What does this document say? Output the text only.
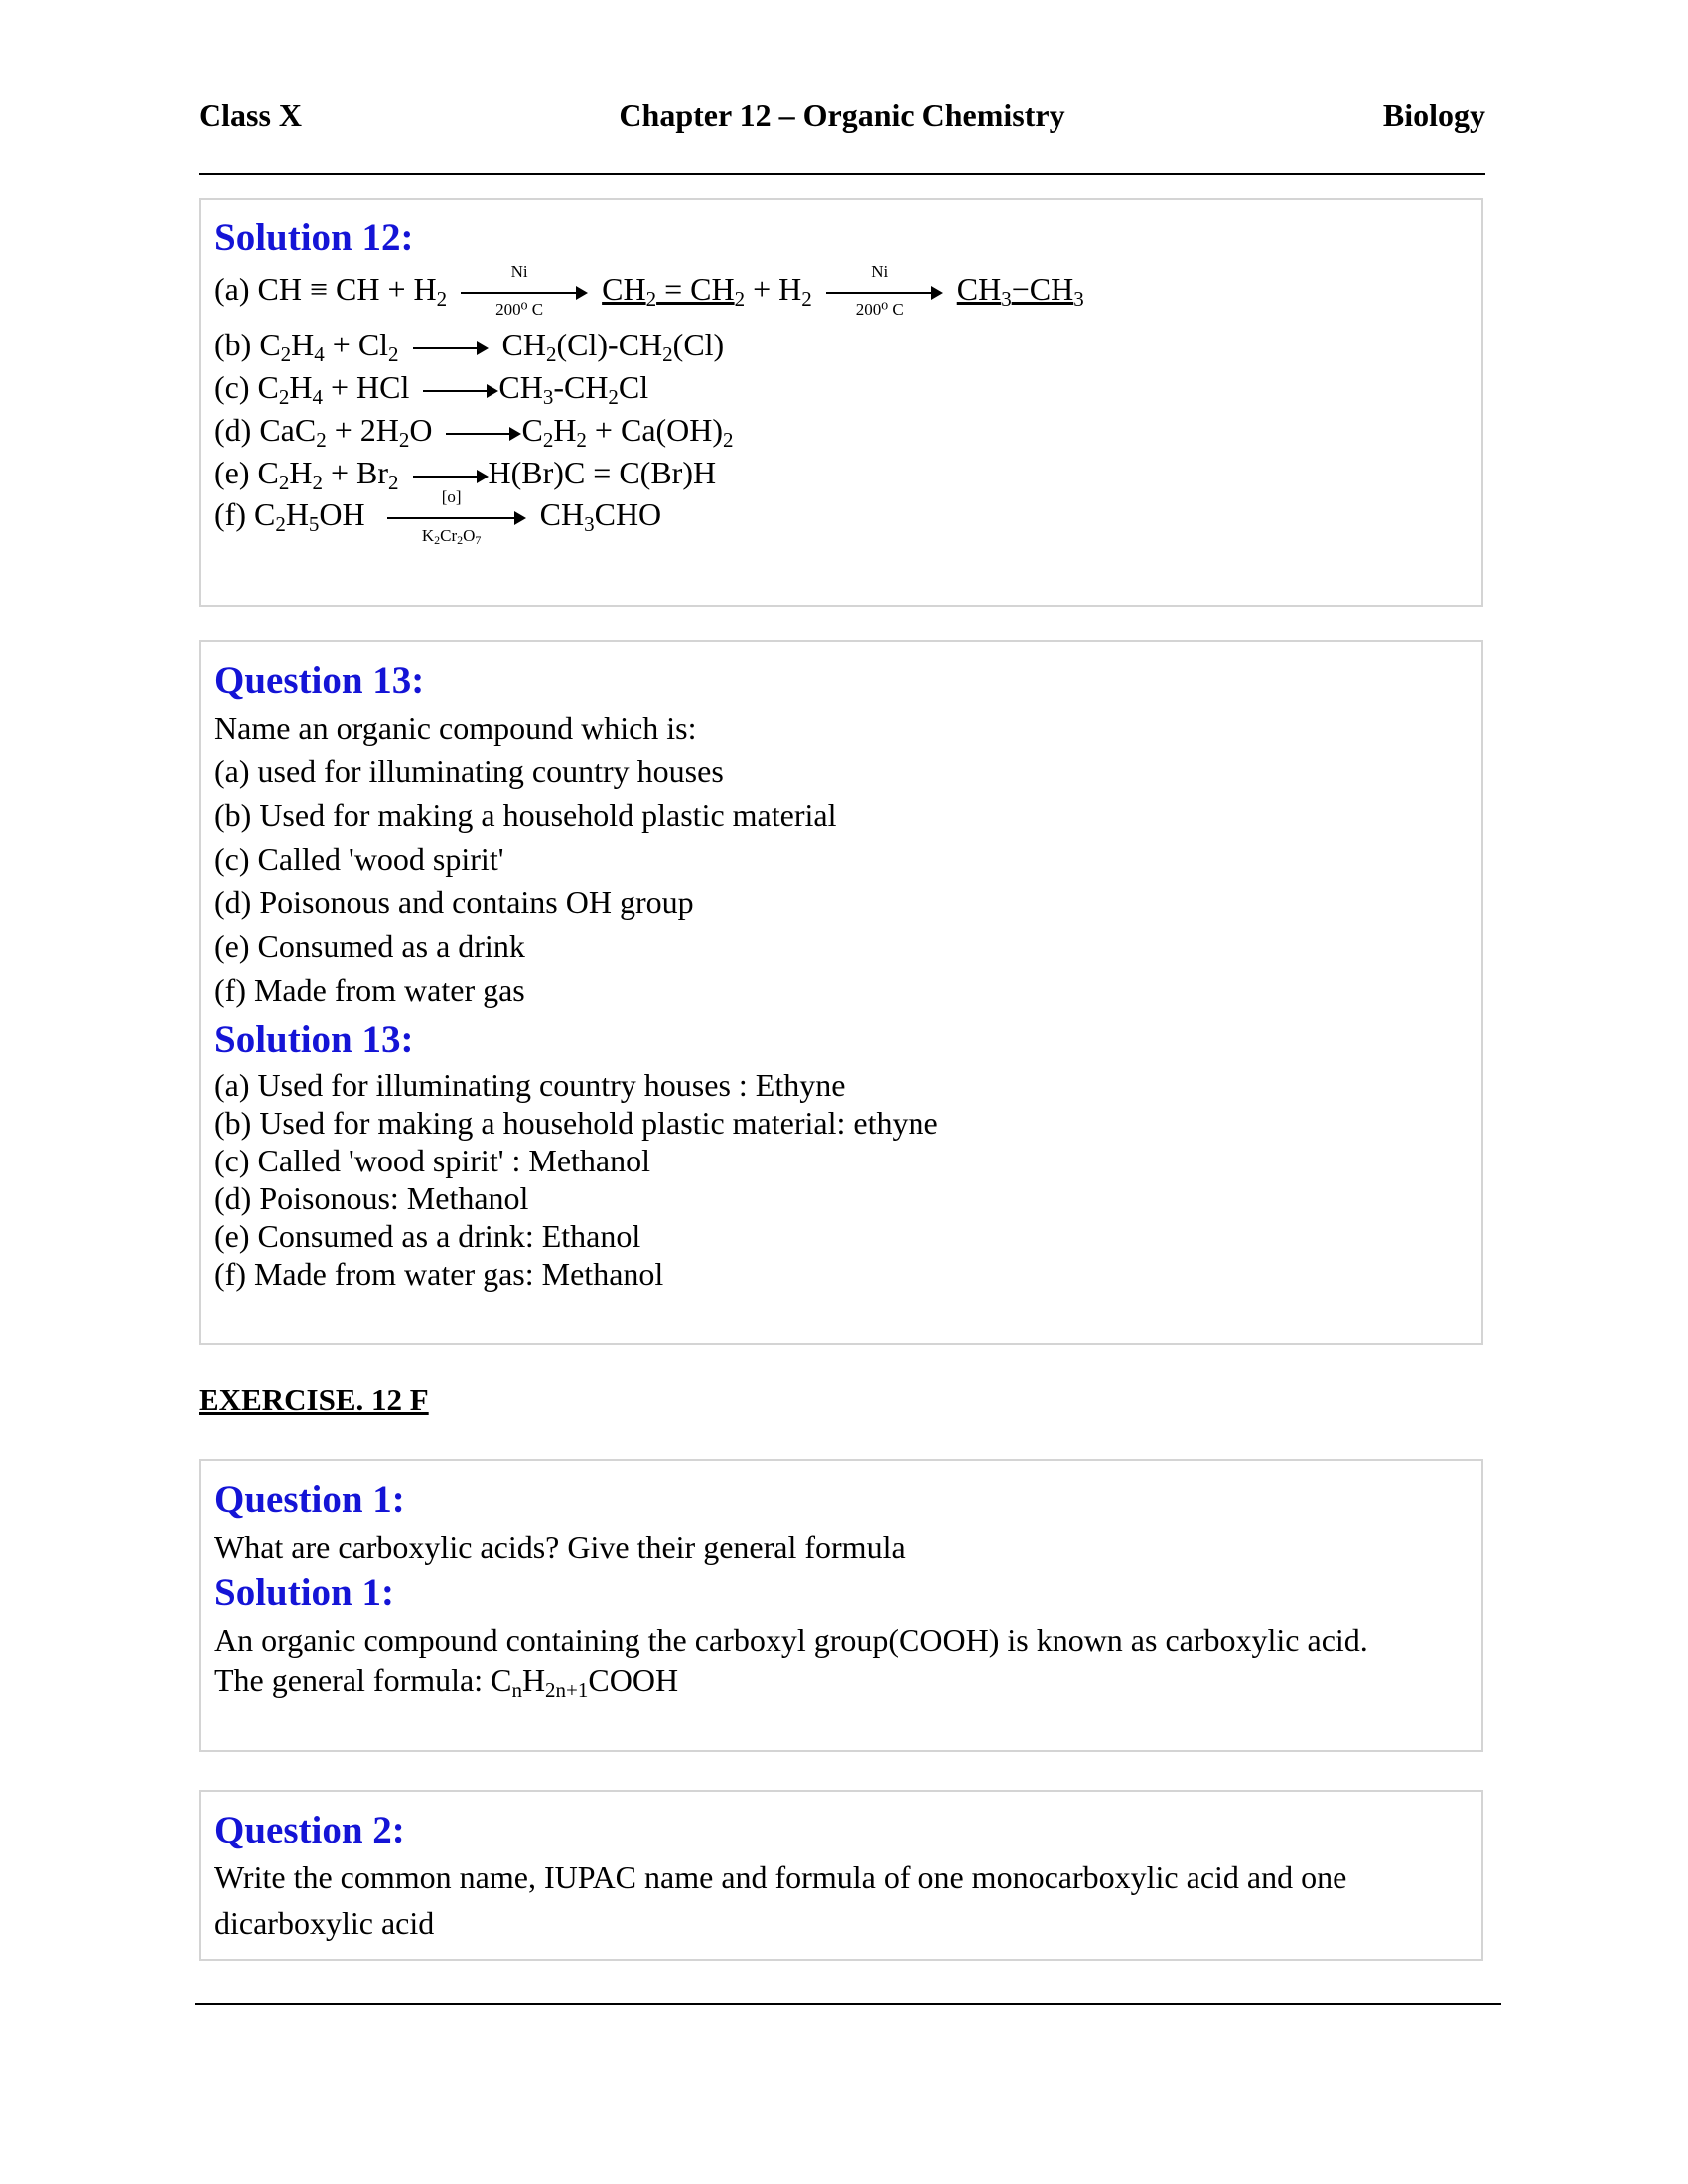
Class X	Chapter 12 – Organic Chemistry	Biology
Solution 12:
(a) CH ≡ CH + $H_2 \frac{Ni}{\text{200⁰ C}} CH_2 = CH_2 + H_2 \frac{Ni}{\text{200⁰ C}} CH_3-CH_3$
(b) $C_2H_4 + Cl_2$	$CH_2(Cl)-CH_2(Cl)$
(c) $C_2H_4$ + HCl	$CH_3-CH_2Cl$
(d) $CaC_2 + 2H_2O$	$C_2H_2 + Ca(OH)_2$
(e) $C_2H_2 + Br_2$	H(Br)C = C(Br)H
(f) $C_2H_5OH \frac{[o]}{K_2Cr_2O_7} CH_3CHO$
Question 13:
Name an organic compound which is:
(a) used for illuminating country houses
(b) Used for making a household plastic material
(c) Called 'wood spirit'
(d) Poisonous and contains OH group
(e) Consumed as a drink
(f) Made from water gas
Solution 13:
(a) Used for illuminating country houses : Ethyne
(b) Used for making a household plastic material: ethyne
(c) Called 'wood spirit' : Methanol
(d) Poisonous: Methanol
(e) Consumed as a drink: Ethanol
(f) Made from water gas: Methanol
EXERCISE. 12 F
Question 1:
What are carboxylic acids? Give their general formula
Solution 1:
An organic compound containing the carboxyl group(COOH) is known as carboxylic acid.
The general formula: $C_nH_{2n+1}COOH$
Question 2:
Write the common name, IUPAC name and formula of one monocarboxylic acid and one
dicarboxylic acid
